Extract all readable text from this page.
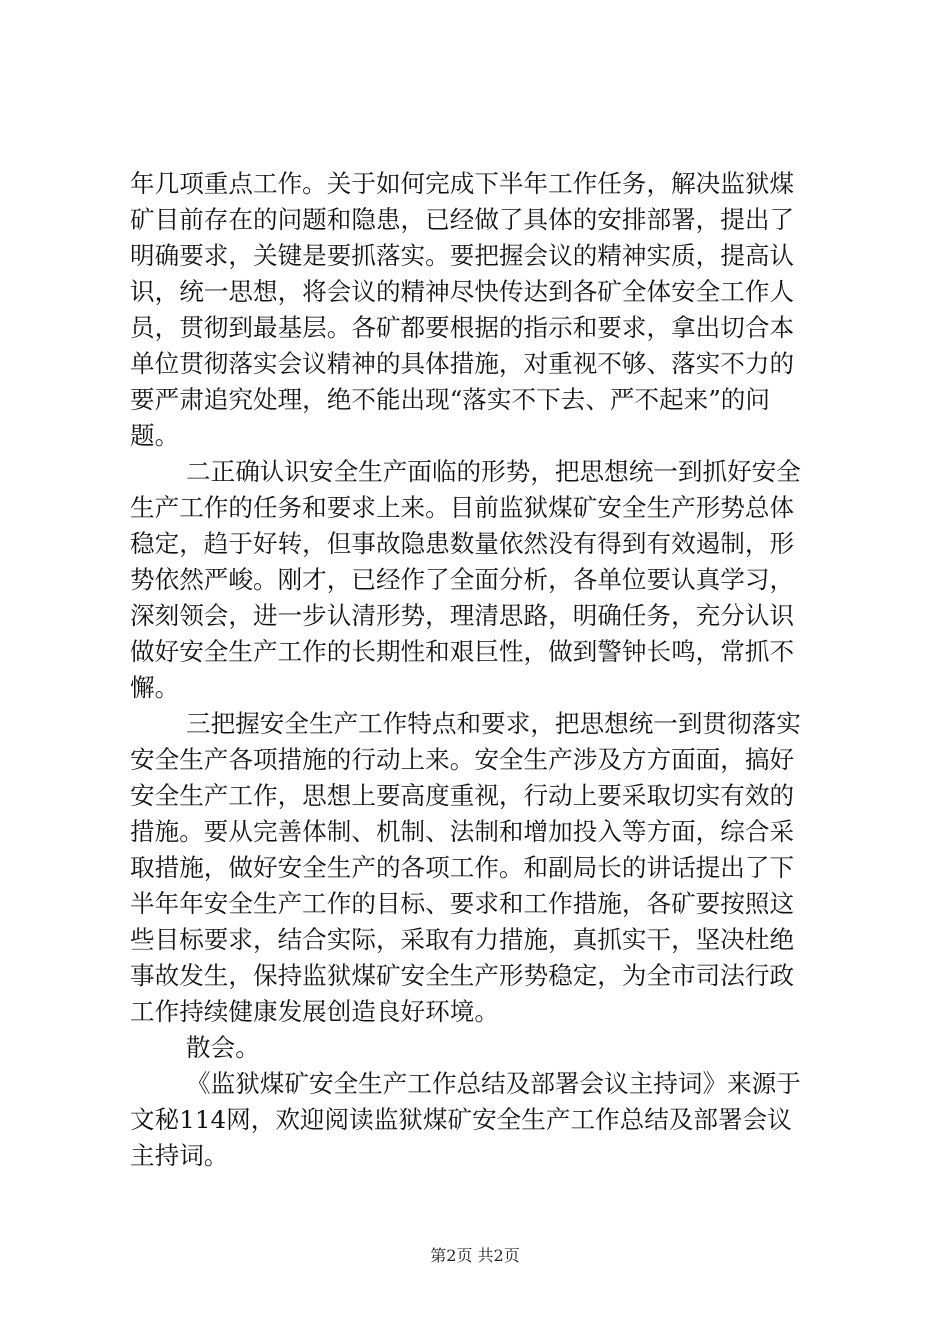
年几项重点工作。关于如何完成下半年工作任务，解决监狱煤
矿目前存在的问题和隐患，已经做了具体的安排部署，提出了
明确要求，关键是要抓落实。要把握会议的精神实质，提高认
识，统一思想，将会议的精神尽快传达到各矿全体安全工作人
员，贯彻到最基层。各矿都要根据的指示和要求，拿出切合本
单位贯彻落实会议精神的具体措施，对重视不够、落实不力的
要严肃追究处理，绝不能出现“落实不下去、严不起来”的问
题。
二正确认识安全生产面临的形势，把思想统一到抓好安全
生产工作的任务和要求上来。目前监狱煤矿安全生产形势总体
稳定，趋于好转，但事故隐患数量依然没有得到有效遏制，形
势依然严峻。刚才，已经作了全面分析，各单位要认真学习，
深刻领会，进一步认清形势，理清思路，明确任务，充分认识
做好安全生产工作的长期性和艰巨性，做到警钟长鸣，常抓不
懈。
三把握安全生产工作特点和要求，把思想统一到贯彻落实
安全生产各项措施的行动上来。安全生产涉及方方面面，搞好
安全生产工作，思想上要高度重视，行动上要采取切实有效的
措施。要从完善体制、机制、法制和增加投入等方面，综合采
取措施，做好安全生产的各项工作。和副局长的讲话提出了下
半年年安全生产工作的目标、要求和工作措施，各矿要按照这
些目标要求，结合实际，采取有力措施，真抓实干，坚决杜绝
事故发生，保持监狱煤矿安全生产形势稳定，为全市司法行政
工作持续健康发展创造良好环境。
散会。
《监狱煤矿安全生产工作总结及部署会议主持词》来源于
文秘114网，欢迎阅读监狱煤矿安全生产工作总结及部署会议
主持词。
第2页 共2页
